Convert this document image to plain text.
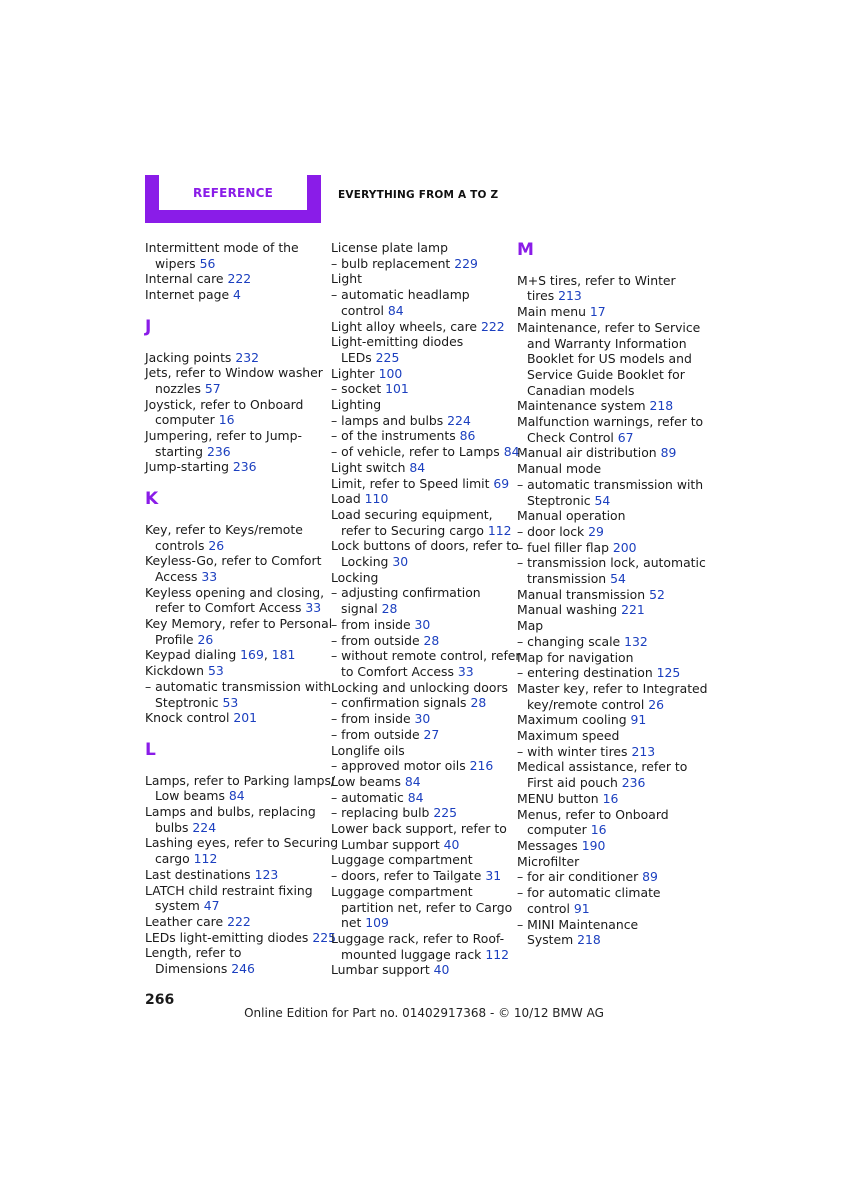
REFERENCE	EVERYTHING FROM A TO Z
Intermittent mode of the
wipers 56
Internal care 222
Internet page 4
J
Jacking points 232
Jets, refer to Window washer
nozzles 57
Joystick, refer to Onboard
computer 16
Jumpering, refer to Jump-
starting 236
Jump-starting 236
K
Key, refer to Keys/remote
controls 26
Keyless-Go, refer to Comfort
Access 33
Keyless opening and closing,
refer to Comfort Access 33
Key Memory, refer to Personal
Profile 26
Keypad dialing 169, 181
Kickdown 53
– automatic transmission with
Steptronic 53
Knock control 201
L
Lamps, refer to Parking lamps/
Low beams 84
Lamps and bulbs, replacing
bulbs 224
Lashing eyes, refer to Securing
cargo 112
Last destinations 123
LATCH child restraint fixing
system 47
Leather care 222
LEDs light-emitting diodes 225
Length, refer to
Dimensions 246
License plate lamp
– bulb replacement 229
Light
– automatic headlamp
control 84
Light alloy wheels, care 222
Light-emitting diodes
LEDs 225
Lighter 100
– socket 101
Lighting
– lamps and bulbs 224
– of the instruments 86
– of vehicle, refer to Lamps 84
Light switch 84
Limit, refer to Speed limit 69
Load 110
Load securing equipment,
refer to Securing cargo 112
Lock buttons of doors, refer to
Locking 30
Locking
– adjusting confirmation
signal 28
– from inside 30
– from outside 28
– without remote control, refer
to Comfort Access 33
Locking and unlocking doors
– confirmation signals 28
– from inside 30
– from outside 27
Longlife oils
– approved motor oils 216
Low beams 84
– automatic 84
– replacing bulb 225
Lower back support, refer to
Lumbar support 40
Luggage compartment
– doors, refer to Tailgate 31
Luggage compartment
partition net, refer to Cargo
net 109
Luggage rack, refer to Roof-
mounted luggage rack 112
Lumbar support 40
M
M+S tires, refer to Winter
tires 213
Main menu 17
Maintenance, refer to Service
and Warranty Information
Booklet for US models and
Service Guide Booklet for
Canadian models
Maintenance system 218
Malfunction warnings, refer to
Check Control 67
Manual air distribution 89
Manual mode
– automatic transmission with
Steptronic 54
Manual operation
– door lock 29
– fuel filler flap 200
– transmission lock, automatic
transmission 54
Manual transmission 52
Manual washing 221
Map
– changing scale 132
Map for navigation
– entering destination 125
Master key, refer to Integrated
key/remote control 26
Maximum cooling 91
Maximum speed
– with winter tires 213
Medical assistance, refer to
First aid pouch 236
MENU button 16
Menus, refer to Onboard
computer 16
Messages 190
Microfilter
– for air conditioner 89
– for automatic climate
control 91
– MINI Maintenance
System 218
266
Online Edition for Part no. 01402917368 - © 10/12 BMW AG
